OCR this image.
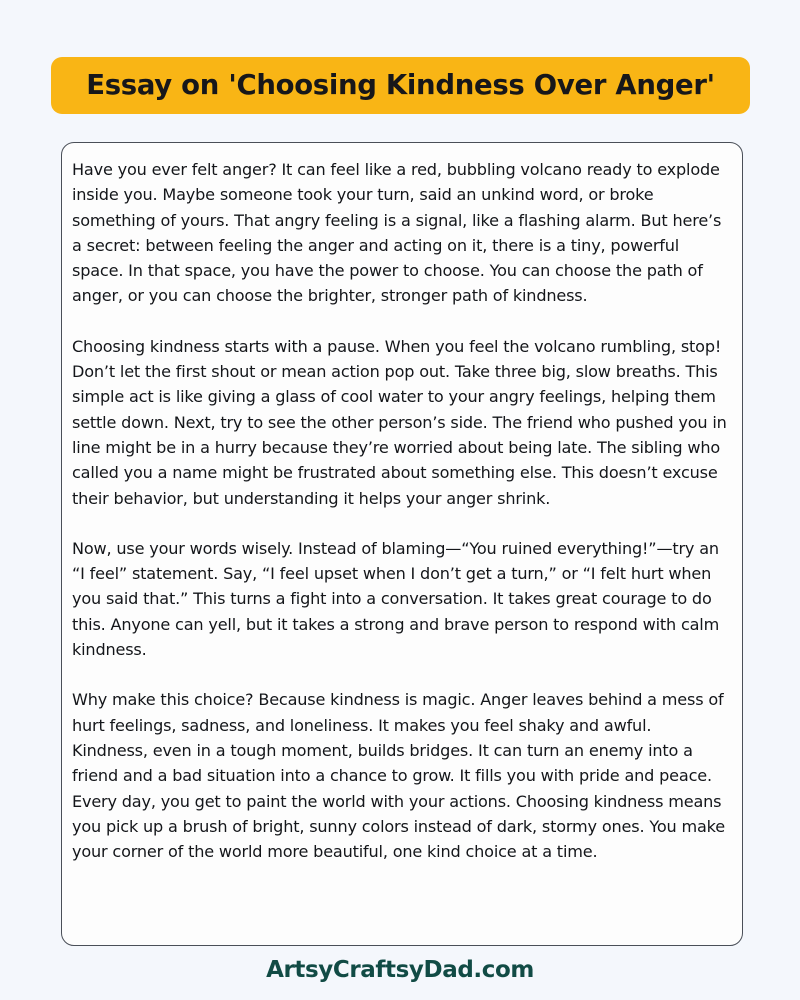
Essay on 'Choosing Kindness Over Anger'

Have you ever felt anger? It can feel like a red, bubbling volcano ready to explode inside you. Maybe someone took your turn, said an unkind word, or broke something of yours. That angry feeling is a signal, like a flashing alarm. But here’s a secret: between feeling the anger and acting on it, there is a tiny, powerful space. In that space, you have the power to choose. You can choose the path of anger, or you can choose the brighter, stronger path of kindness.

Choosing kindness starts with a pause. When you feel the volcano rumbling, stop! Don’t let the first shout or mean action pop out. Take three big, slow breaths. This simple act is like giving a glass of cool water to your angry feelings, helping them settle down. Next, try to see the other person’s side. The friend who pushed you in line might be in a hurry because they’re worried about being late. The sibling who called you a name might be frustrated about something else. This doesn’t excuse their behavior, but understanding it helps your anger shrink.

Now, use your words wisely. Instead of blaming—“You ruined everything!”—try an “I feel” statement. Say, “I feel upset when I don’t get a turn,” or “I felt hurt when you said that.” This turns a fight into a conversation. It takes great courage to do this. Anyone can yell, but it takes a strong and brave person to respond with calm kindness.

Why make this choice? Because kindness is magic. Anger leaves behind a mess of hurt feelings, sadness, and loneliness. It makes you feel shaky and awful. Kindness, even in a tough moment, builds bridges. It can turn an enemy into a friend and a bad situation into a chance to grow. It fills you with pride and peace. Every day, you get to paint the world with your actions. Choosing kindness means you pick up a brush of bright, sunny colors instead of dark, stormy ones. You make your corner of the world more beautiful, one kind choice at a time.

ArtsyCraftsyDad.com
